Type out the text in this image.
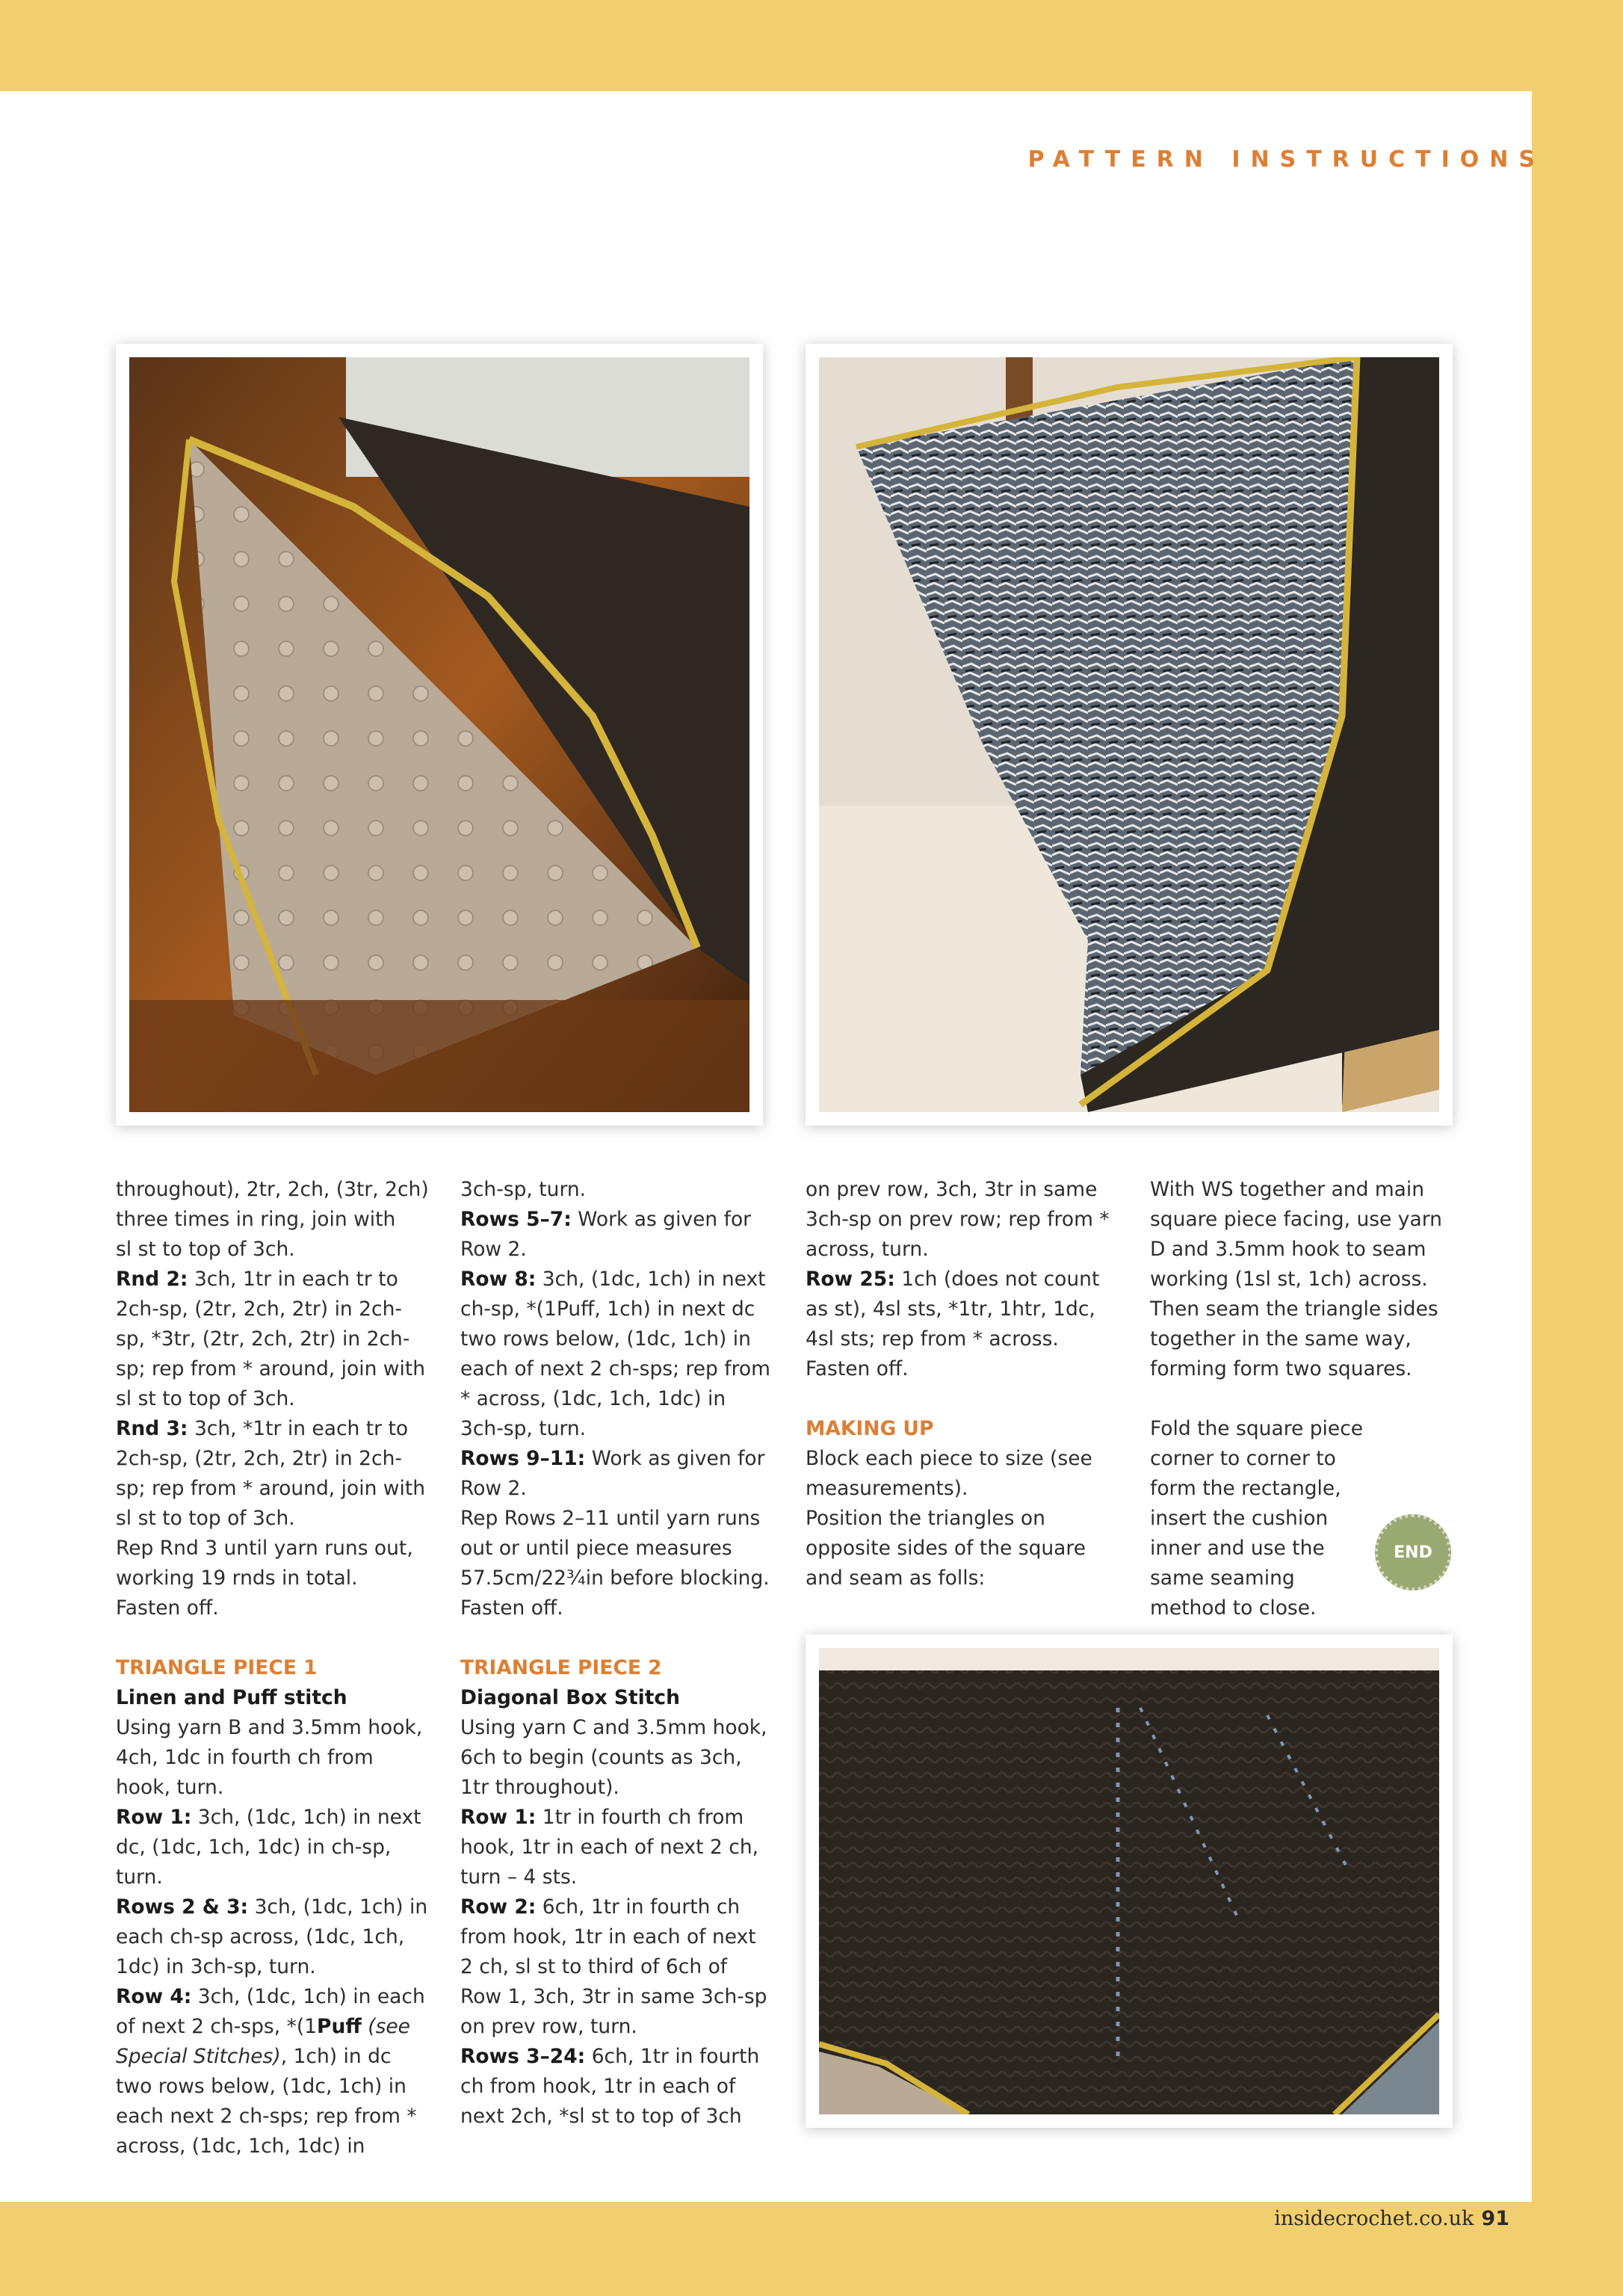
PATTERN INSTRUCTIONS

throughout), 2tr, 2ch, (3tr, 2ch)

three times in ring, join with

sl st to top of 3ch.

Rnd 2: 3ch, 1tr in each tr to 2ch-sp, (2tr, 2ch, 2tr) in 2ch-sp, *3tr, (2tr, 2ch, 2tr) in 2ch-sp; rep from * around, join with sl st to top of 3ch.

Rnd 3: 3ch, *1tr in each tr to 2ch-sp, (2tr, 2ch, 2tr) in 2ch-sp; rep from * around, join with sl st to top of 3ch.

Rep Rnd 3 until yarn runs out, working 19 rnds in total.

Fasten off.

TRIANGLE PIECE 1

Linen and Puff stitch

Using yarn B and 3.5mm hook, 4ch, 1dc in fourth ch from hook, turn.

Row 1: 3ch, (1dc, 1ch) in next dc, (1dc, 1ch, 1dc) in ch-sp, turn.

Rows 2 & 3: 3ch, (1dc, 1ch) in each ch-sp across, (1dc, 1ch, 1dc) in 3ch-sp, turn.

Row 4: 3ch, (1dc, 1ch) in each of next 2 ch-sps, *(1Puff (see Special Stitches), 1ch) in dc two rows below, (1dc, 1ch) in each next 2 ch-sps; rep from * across, (1dc, 1ch, 1dc) in

3ch-sp, turn.

Rows 5–7: Work as given for Row 2.

Row 8: 3ch, (1dc, 1ch) in next ch-sp, *(1Puff, 1ch) in next dc two rows below, (1dc, 1ch) in each of next 2 ch-sps; rep from * across, (1dc, 1ch, 1dc) in 3ch-sp, turn.

Rows 9–11: Work as given for Row 2.

Rep Rows 2–11 until yarn runs out or until piece measures 57.5cm/22¾in before blocking.

Fasten off.

TRIANGLE PIECE 2

Diagonal Box Stitch

Using yarn C and 3.5mm hook, 6ch to begin (counts as 3ch, 1tr throughout).

Row 1: 1tr in fourth ch from hook, 1tr in each of next 2 ch, turn – 4 sts.

Row 2: 6ch, 1tr in fourth ch from hook, 1tr in each of next 2 ch, sl st to third of 6ch of Row 1, 3ch, 3tr in same 3ch-sp on prev row, turn.

Rows 3–24: 6ch, 1tr in fourth ch from hook, 1tr in each of next 2ch, *sl st to top of 3ch

on prev row, 3ch, 3tr in same 3ch-sp on prev row; rep from * across, turn.

Row 25: 1ch (does not count as st), 4sl sts, *1tr, 1htr, 1dc, 4sl sts; rep from * across.

Fasten off.

MAKING UP

Block each piece to size (see measurements).

Position the triangles on opposite sides of the square and seam as folls:

With WS together and main square piece facing, use yarn D and 3.5mm hook to seam working (1sl st, 1ch) across. Then seam the triangle sides together in the same way, forming form two squares.

Fold the square piece corner to corner to form the rectangle, insert the cushion inner and use the same seaming method to close.

END
insidecrochet.co.uk 91
